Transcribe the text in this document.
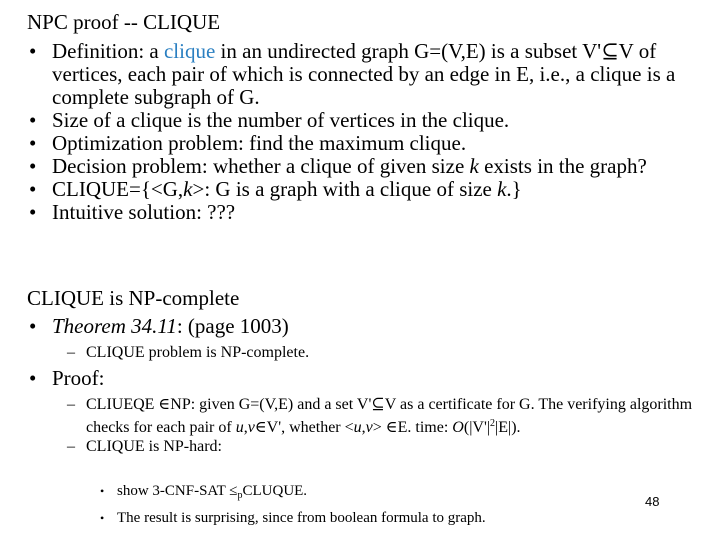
NPC proof -- CLIQUE
• Definition: a clique in an undirected graph G=(V,E) is a subset V'⊆V of vertices, each pair of which is connected by an edge in E, i.e., a clique is a complete subgraph of G.
• Size of a clique is the number of vertices in the clique.
• Optimization problem: find the maximum clique.
• Decision problem: whether a clique of given size k exists in the graph?
• CLIQUE={<G,k>: G is a graph with a clique of size k.}
• Intuitive solution: ???
CLIQUE is NP-complete
• Theorem 34.11: (page 1003)
– CLIQUE problem is NP-complete.
• Proof:
– CLIUEQE ∈NP: given G=(V,E) and a set V'⊆V as a certificate for G. The verifying algorithm checks for each pair of u,v∈V', whether <u,v> ∈E. time: $O(|V'|^2|E|)$.
– CLIQUE is NP-hard:
• show $3-CNF-SAT \le_pCLUQUE$.
• The result is surprising, since from boolean formula to graph.
48
